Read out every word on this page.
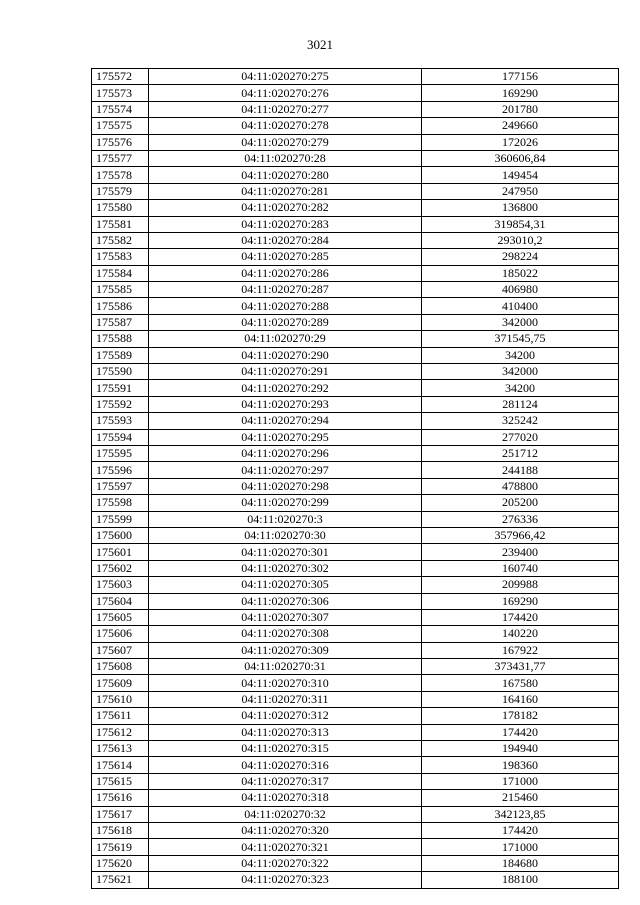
3021
175572	04:11:020270:275	177156
175573	04:11:020270:276	169290
175574	04:11:020270:277	201780
175575	04:11:020270:278	249660
175576	04:11:020270:279	172026
175577	04:11:020270:28	360606,84
175578	04:11:020270:280	149454
175579	04:11:020270:281	247950
175580	04:11:020270:282	136800
175581	04:11:020270:283	319854,31
175582	04:11:020270:284	293010,2
175583	04:11:020270:285	298224
175584	04:11:020270:286	185022
175585	04:11:020270:287	406980
175586	04:11:020270:288	410400
175587	04:11:020270:289	342000
175588	04:11:020270:29	371545,75
175589	04:11:020270:290	34200
175590	04:11:020270:291	342000
175591	04:11:020270:292	34200
175592	04:11:020270:293	281124
175593	04:11:020270:294	325242
175594	04:11:020270:295	277020
175595	04:11:020270:296	251712
175596	04:11:020270:297	244188
175597	04:11:020270:298	478800
175598	04:11:020270:299	205200
175599	04:11:020270:3	276336
175600	04:11:020270:30	357966,42
175601	04:11:020270:301	239400
175602	04:11:020270:302	160740
175603	04:11:020270:305	209988
175604	04:11:020270:306	169290
175605	04:11:020270:307	174420
175606	04:11:020270:308	140220
175607	04:11:020270:309	167922
175608	04:11:020270:31	373431,77
175609	04:11:020270:310	167580
175610	04:11:020270:311	164160
175611	04:11:020270:312	178182
175612	04:11:020270:313	174420
175613	04:11:020270:315	194940
175614	04:11:020270:316	198360
175615	04:11:020270:317	171000
175616	04:11:020270:318	215460
175617	04:11:020270:32	342123,85
175618	04:11:020270:320	174420
175619	04:11:020270:321	171000
175620	04:11:020270:322	184680
175621	04:11:020270:323	188100
